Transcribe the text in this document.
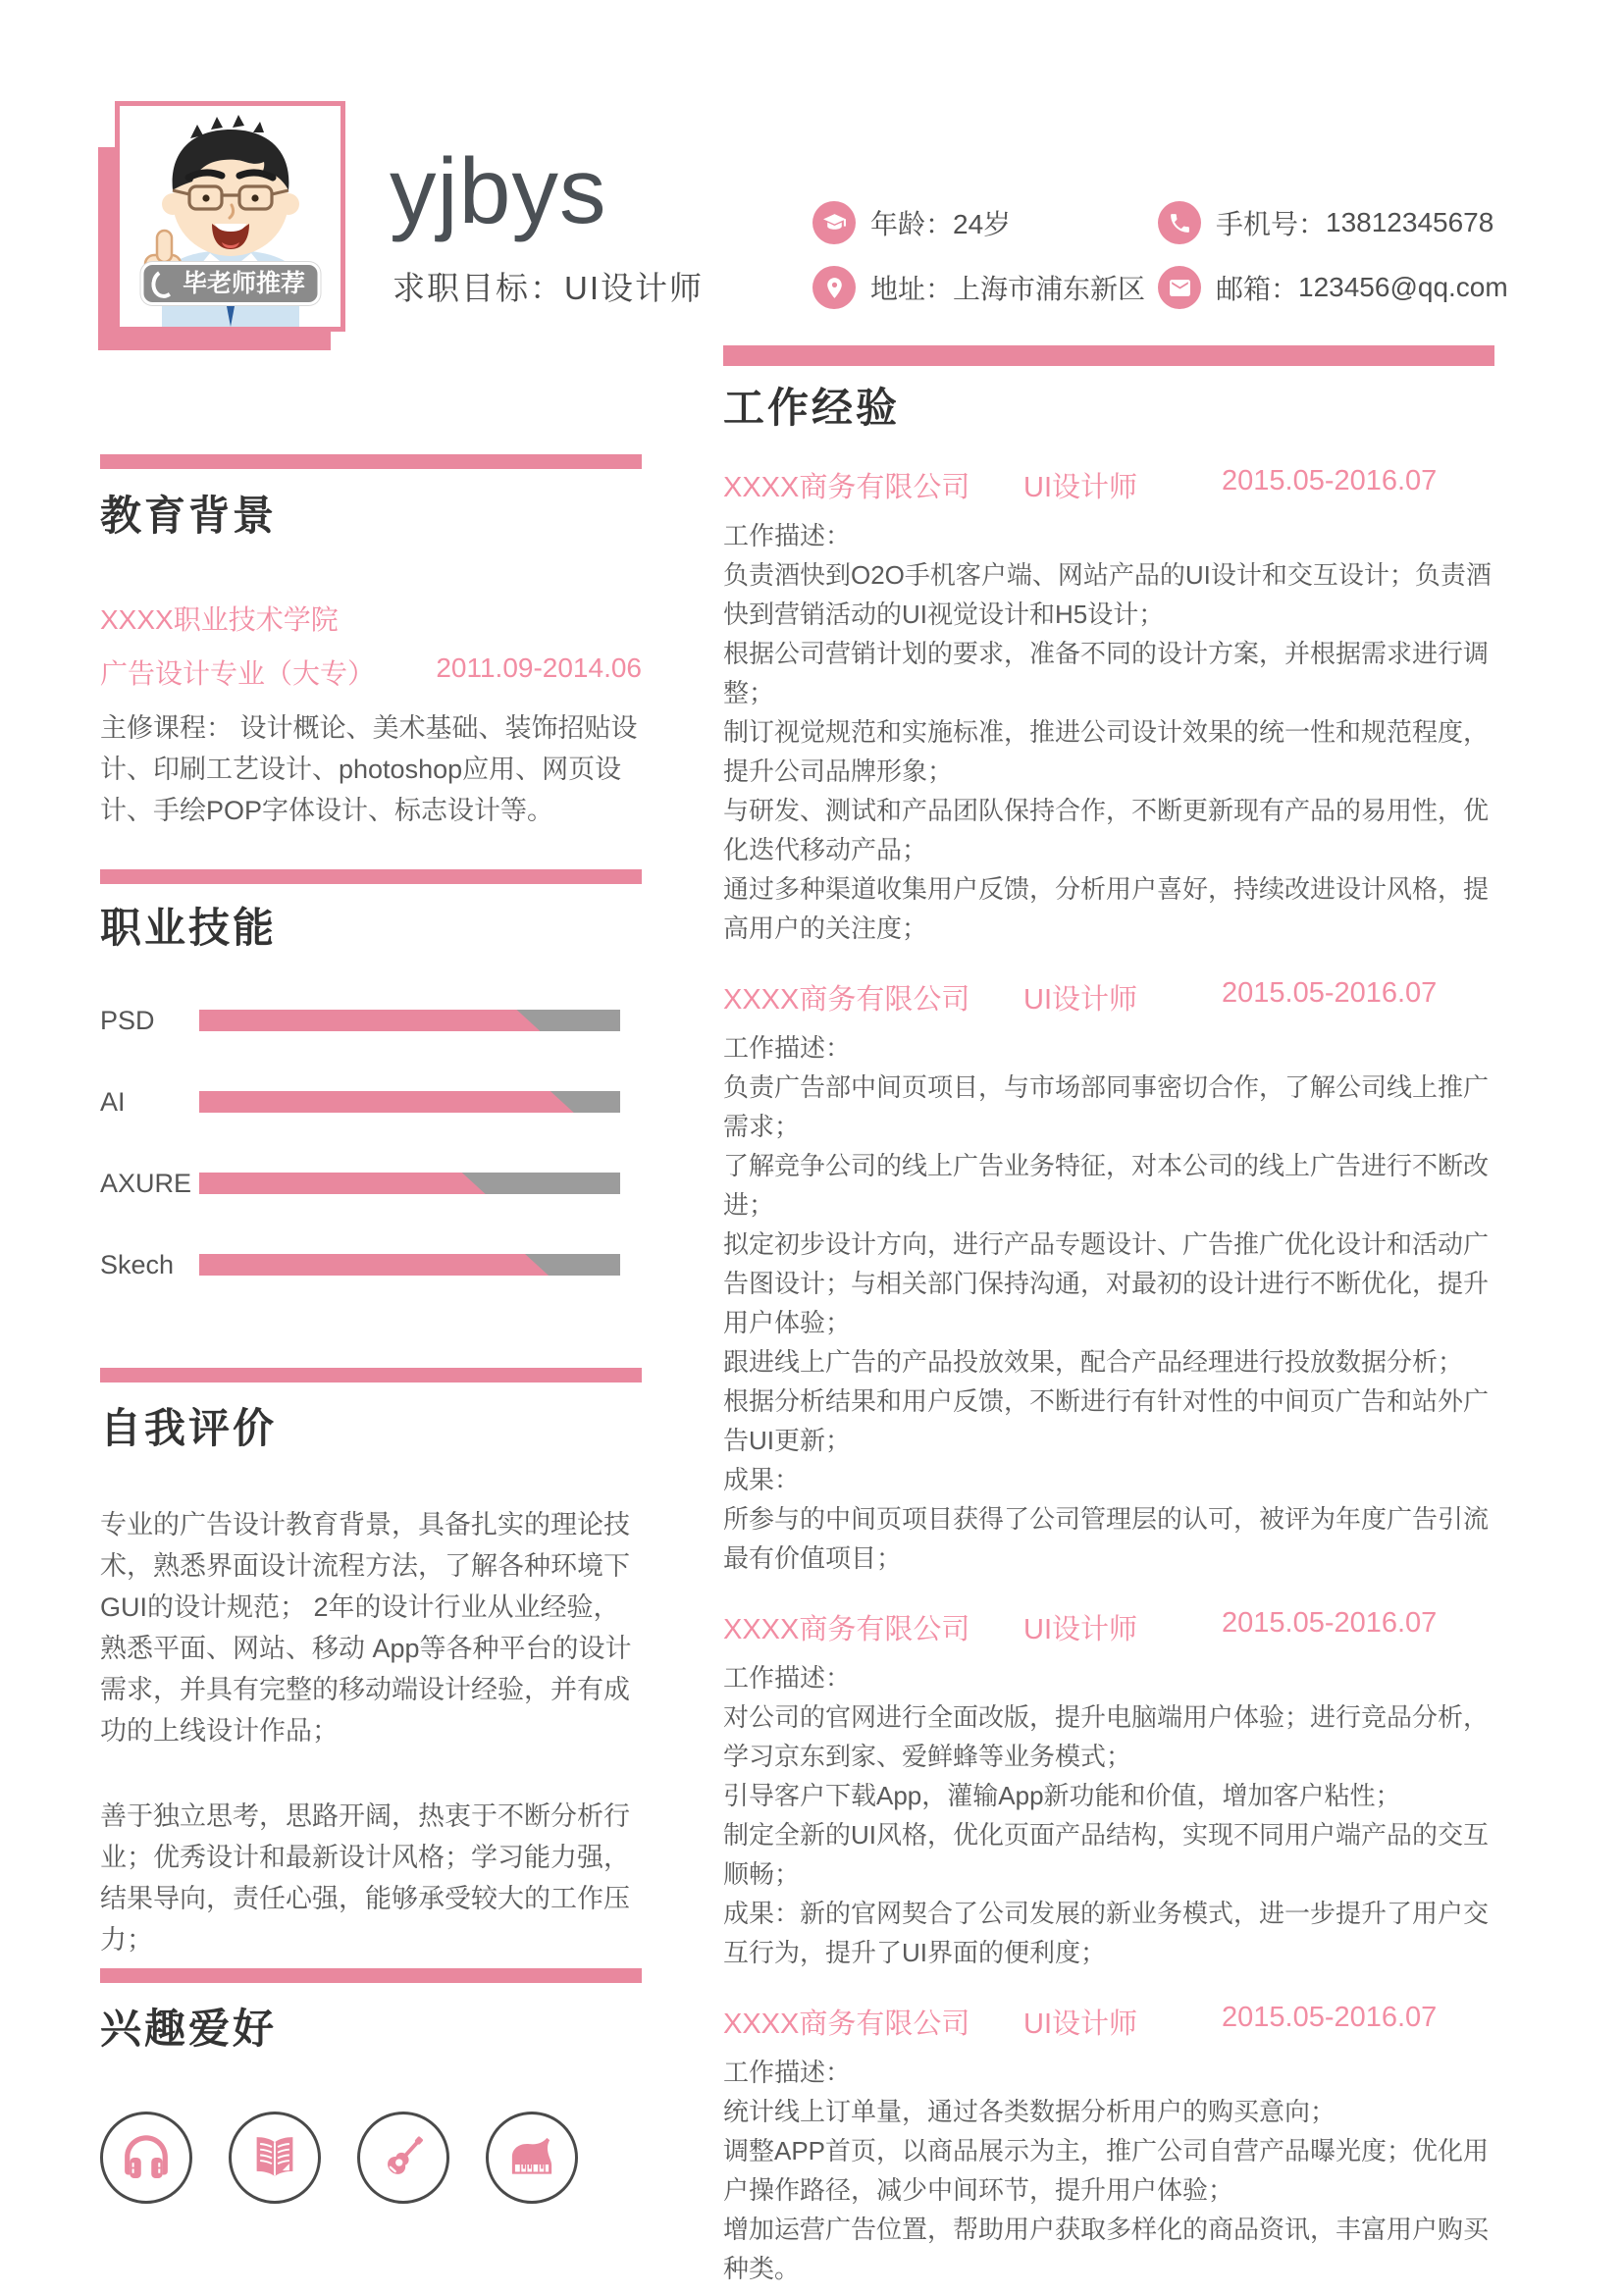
毕老师推荐
yjbys
求职目标：UI设计师
年龄： 24岁	手机号： 13812345678
地址： 上海市浦东新区	邮箱： 123456@qq.com
教育背景
XXXX职业技术学院
广告设计专业（大专） 2011.09-2014.06
主修课程： 设计概论、美术基础、装饰招贴设计、印刷工艺设计、photoshop应用、网页设计、手绘POP字体设计、标志设计等。
职业技能
PSD
AI
AXURE
Skech
自我评价

专业的广告设计教育背景，具备扎实的理论技术，熟悉界面设计流程方法，了解各种环境下GUI的设计规范； 2年的设计行业从业经验，熟悉平面、网站、移动 App等各种平台的设计需求，并具有完整的移动端设计经验，并有成功的上线设计作品；

善于独立思考，思路开阔，热衷于不断分析行业；优秀设计和最新设计风格；学习能力强，结果导向，责任心强，能够承受较大的工作压力；

兴趣爱好
工作经验
XXXX商务有限公司 UI设计师	2015.05-2016.07

工作描述：

负责酒快到O2O手机客户端、网站产品的UI设计和交互设计；负责酒快到营销活动的UI视觉设计和H5设计；

根据公司营销计划的要求，准备不同的设计方案，并根据需求进行调整；

制订视觉规范和实施标准，推进公司设计效果的统一性和规范程度，提升公司品牌形象；

与研发、测试和产品团队保持合作，不断更新现有产品的易用性，优化迭代移动产品；

通过多种渠道收集用户反馈，分析用户喜好，持续改进设计风格，提高用户的关注度；

XXXX商务有限公司 UI设计师	2015.05-2016.07

工作描述：

负责广告部中间页项目，与市场部同事密切合作，了解公司线上推广需求；

了解竞争公司的线上广告业务特征，对本公司的线上广告进行不断改进；

拟定初步设计方向，进行产品专题设计、广告推广优化设计和活动广告图设计；与相关部门保持沟通，对最初的设计进行不断优化，提升用户体验；

跟进线上广告的产品投放效果，配合产品经理进行投放数据分析；

根据分析结果和用户反馈，不断进行有针对性的中间页广告和站外广告UI更新；

成果：

所参与的中间页项目获得了公司管理层的认可，被评为年度广告引流最有价值项目；

XXXX商务有限公司 UI设计师	2015.05-2016.07

工作描述：

对公司的官网进行全面改版，提升电脑端用户体验；进行竞品分析，学习京东到家、爱鲜蜂等业务模式；

引导客户下载App，灌输App新功能和价值，增加客户粘性；

制定全新的UI风格，优化页面产品结构，实现不同用户端产品的交互顺畅；

成果：新的官网契合了公司发展的新业务模式，进一步提升了用户交互行为，提升了UI界面的便利度；

XXXX商务有限公司 UI设计师	2015.05-2016.07

工作描述：

统计线上订单量，通过各类数据分析用户的购买意向；

调整APP首页，以商品展示为主，推广公司自营产品曝光度；优化用户操作路径，减少中间环节，提升用户体验；

增加运营广告位置，帮助用户获取多样化的商品资讯，丰富用户购买种类。
